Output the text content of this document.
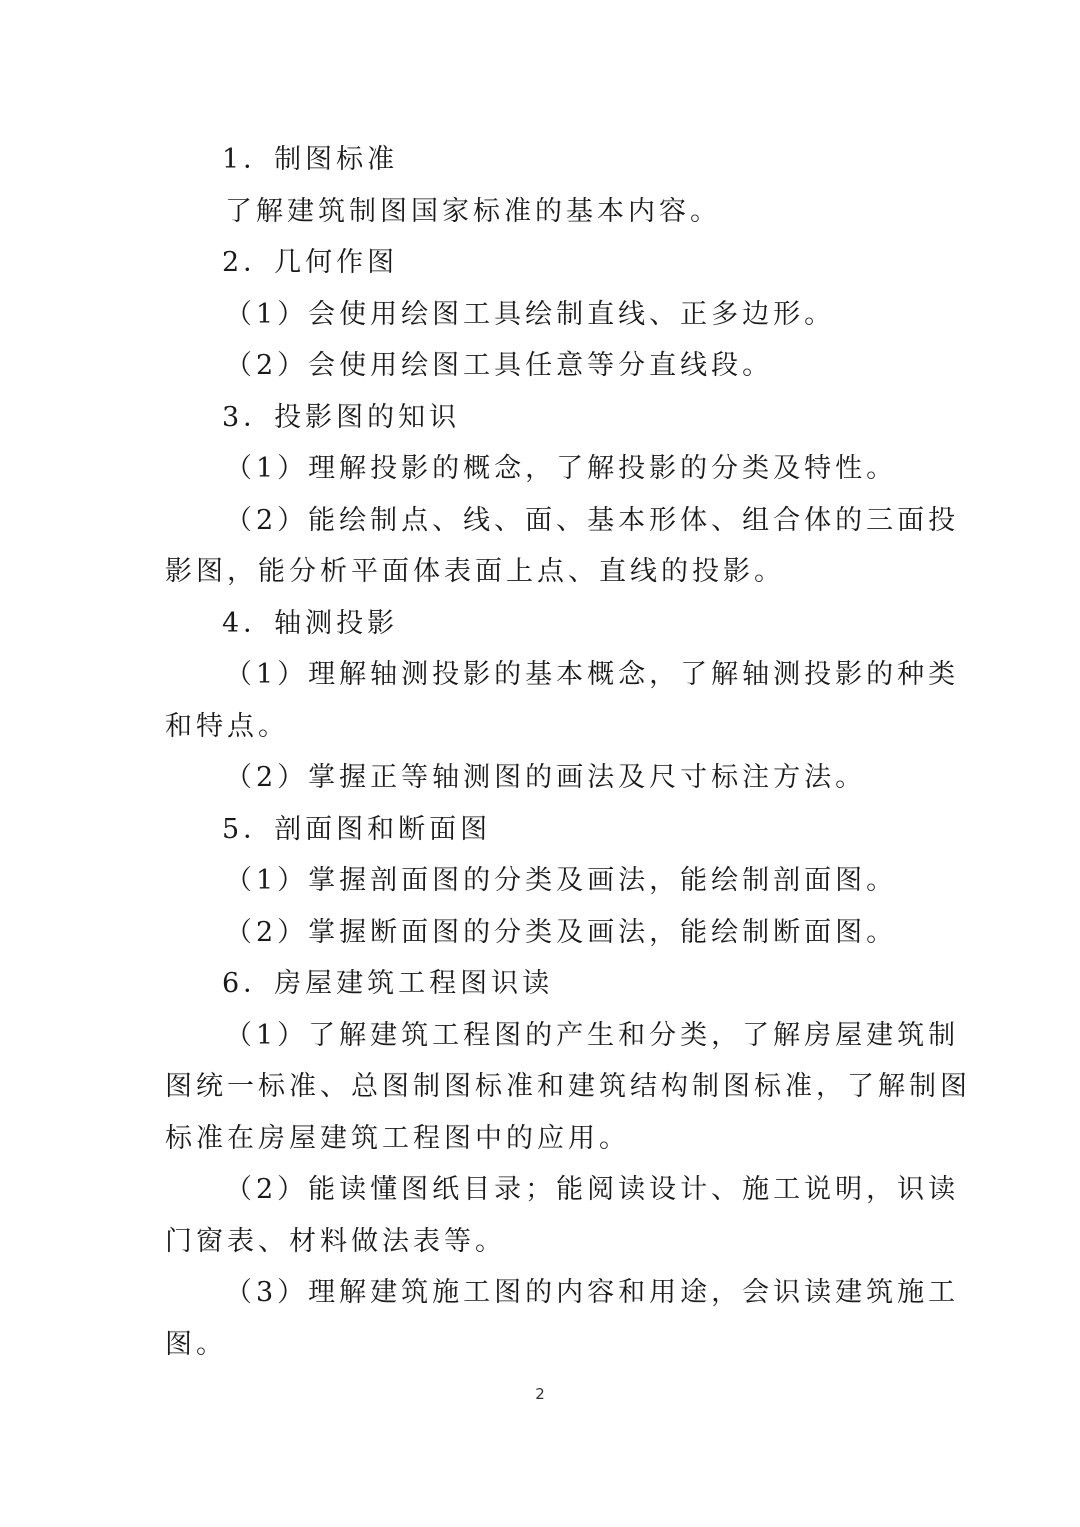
1．制图标准
了解建筑制图国家标准的基本内容。
2．几何作图
（1）会使用绘图工具绘制直线、正多边形。
（2）会使用绘图工具任意等分直线段。
3．投影图的知识
（1）理解投影的概念，了解投影的分类及特性。
（2）能绘制点、线、面、基本形体、组合体的三面投
影图，能分析平面体表面上点、直线的投影。
4．轴测投影
（1）理解轴测投影的基本概念，了解轴测投影的种类
和特点。
（2）掌握正等轴测图的画法及尺寸标注方法。
5．剖面图和断面图
（1）掌握剖面图的分类及画法，能绘制剖面图。
（2）掌握断面图的分类及画法，能绘制断面图。
6．房屋建筑工程图识读
（1）了解建筑工程图的产生和分类，了解房屋建筑制
图统一标准、总图制图标准和建筑结构制图标准，了解制图
标准在房屋建筑工程图中的应用。
（2）能读懂图纸目录；能阅读设计、施工说明，识读
门窗表、材料做法表等。
（3）理解建筑施工图的内容和用途，会识读建筑施工
图。
2
